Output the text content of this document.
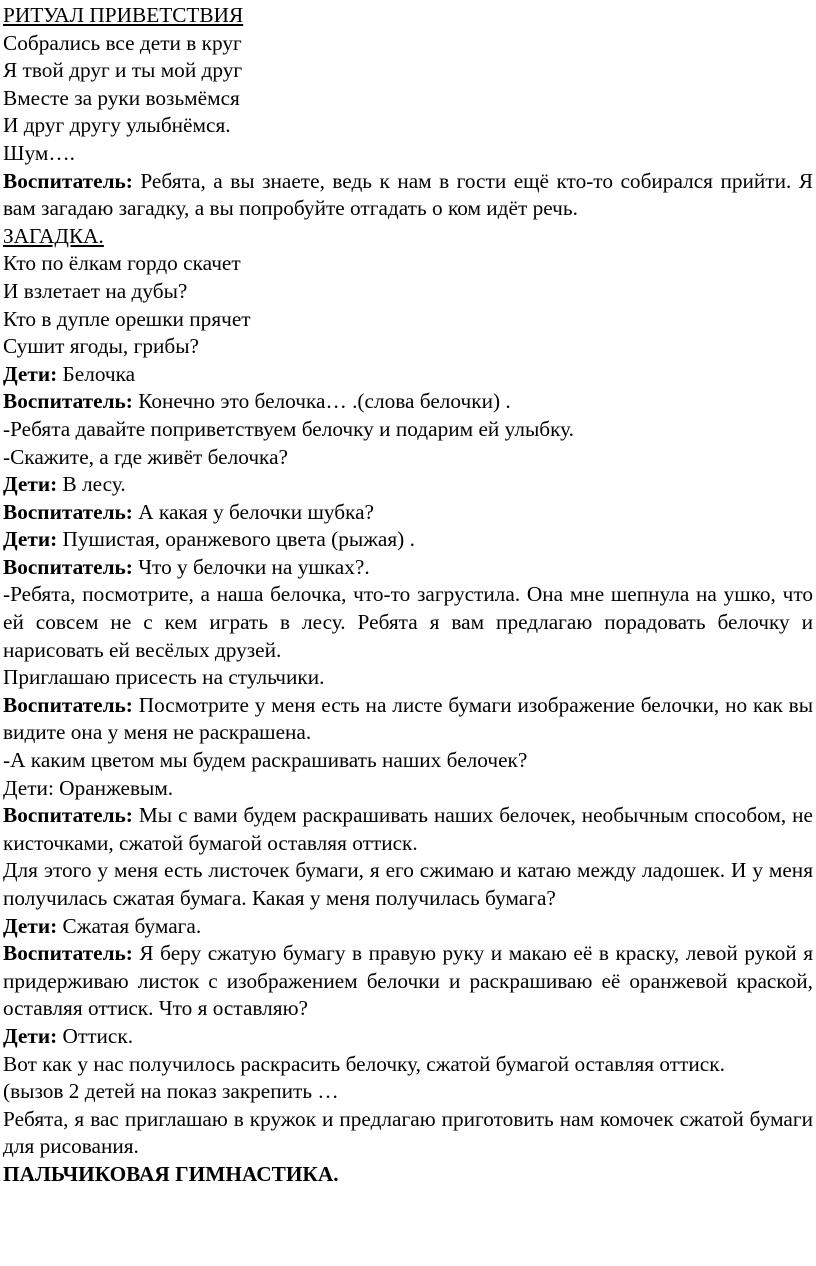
РИТУАЛ ПРИВЕТСТВИЯ
Собрались все дети в круг
Я твой друг и ты мой друг
Вместе за руки возьмёмся
И друг другу улыбнёмся.
Шум….
Воспитатель: Ребята, а вы знаете, ведь к нам в гости ещё кто-то собирался прийти. Я вам загадаю загадку, а вы попробуйте отгадать о ком идёт речь.
ЗАГАДКА.
Кто по ёлкам гордо скачет
И взлетает на дубы?
Кто в дупле орешки прячет
Сушит ягоды, грибы?
Дети: Белочка
Воспитатель: Конечно это белочка… .(слова белочки) .
-Ребята давайте поприветствуем белочку и подарим ей улыбку.
-Скажите, а где живёт белочка?
Дети: В лесу.
Воспитатель: А какая у белочки шубка?
Дети: Пушистая, оранжевого цвета (рыжая) .
Воспитатель: Что у белочки на ушках?.
-Ребята, посмотрите, а наша белочка, что-то загрустила. Она мне шепнула на ушко, что ей совсем не с кем играть в лесу. Ребята я вам предлагаю порадовать белочку и нарисовать ей весёлых друзей.
Приглашаю присесть на стульчики.
Воспитатель: Посмотрите у меня есть на листе бумаги изображение белочки, но как вы видите она у меня не раскрашена.
-А каким цветом мы будем раскрашивать наших белочек?
Дети: Оранжевым.
Воспитатель: Мы с вами будем раскрашивать наших белочек, необычным способом, не кисточками, сжатой бумагой оставляя оттиск.
Для этого у меня есть листочек бумаги, я его сжимаю и катаю между ладошек. И у меня получилась сжатая бумага. Какая у меня получилась бумага?
Дети: Сжатая бумага.
Воспитатель: Я беру сжатую бумагу в правую руку и макаю её в краску, левой рукой я придерживаю листок с изображением белочки и раскрашиваю её оранжевой краской, оставляя оттиск. Что я оставляю?
Дети: Оттиск.
Вот как у нас получилось раскрасить белочку, сжатой бумагой оставляя оттиск.
(вызов 2 детей на показ закрепить …
Ребята, я вас приглашаю в кружок и предлагаю приготовить нам комочек сжатой бумаги для рисования.
ПАЛЬЧИКОВАЯ ГИМНАСТИКА.
